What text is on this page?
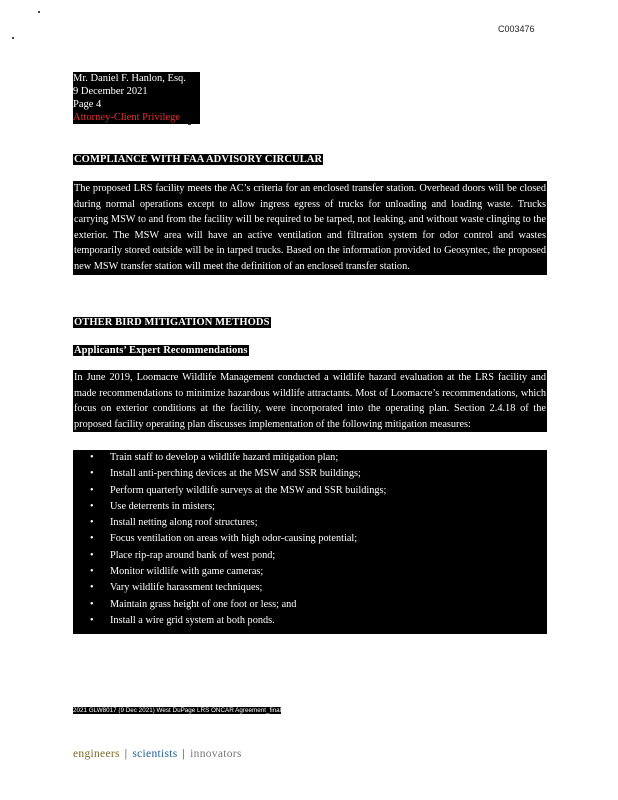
C003476
Mr. Daniel F. Hanlon, Esq.
9 December 2021
Page 4
Attorney-Client Privilege
COMPLIANCE WITH FAA ADVISORY CIRCULAR
The proposed LRS facility meets the AC’s criteria for an enclosed transfer station. Overhead doors will be closed during normal operations except to allow ingress egress of trucks for unloading and loading waste. Trucks carrying MSW to and from the facility will be required to be tarped, not leaking, and without waste clinging to the exterior. The MSW area will have an active ventilation and filtration system for odor control and wastes temporarily stored outside will be in tarped trucks. Based on the information provided to Geosyntec, the proposed new MSW transfer station will meet the definition of an enclosed transfer station.
OTHER BIRD MITIGATION METHODS
Applicants’ Expert Recommendations
In June 2019, Loomacre Wildlife Management conducted a wildlife hazard evaluation at the LRS facility and made recommendations to minimize hazardous wildlife attractants. Most of Loomacre’s recommendations, which focus on exterior conditions at the facility, were incorporated into the operating plan. Section 2.4.18 of the proposed facility operating plan discusses implementation of the following mitigation measures:
• Train staff to develop a wildlife hazard mitigation plan;
• Install anti-perching devices at the MSW and SSR buildings;
• Perform quarterly wildlife surveys at the MSW and SSR buildings;
• Use deterrents in misters;
• Install netting along roof structures;
• Focus ventilation on areas with high odor-causing potential;
• Place rip-rap around bank of west pond;
• Monitor wildlife with game cameras;
• Vary wildlife harassment techniques;
• Maintain grass height of one foot or less; and
• Install a wire grid system at both ponds.
2021 GLW8017 (9 Dec 2021) West DuPage LRS ONCAR Agreement_final
engineers | scientists | innovators
